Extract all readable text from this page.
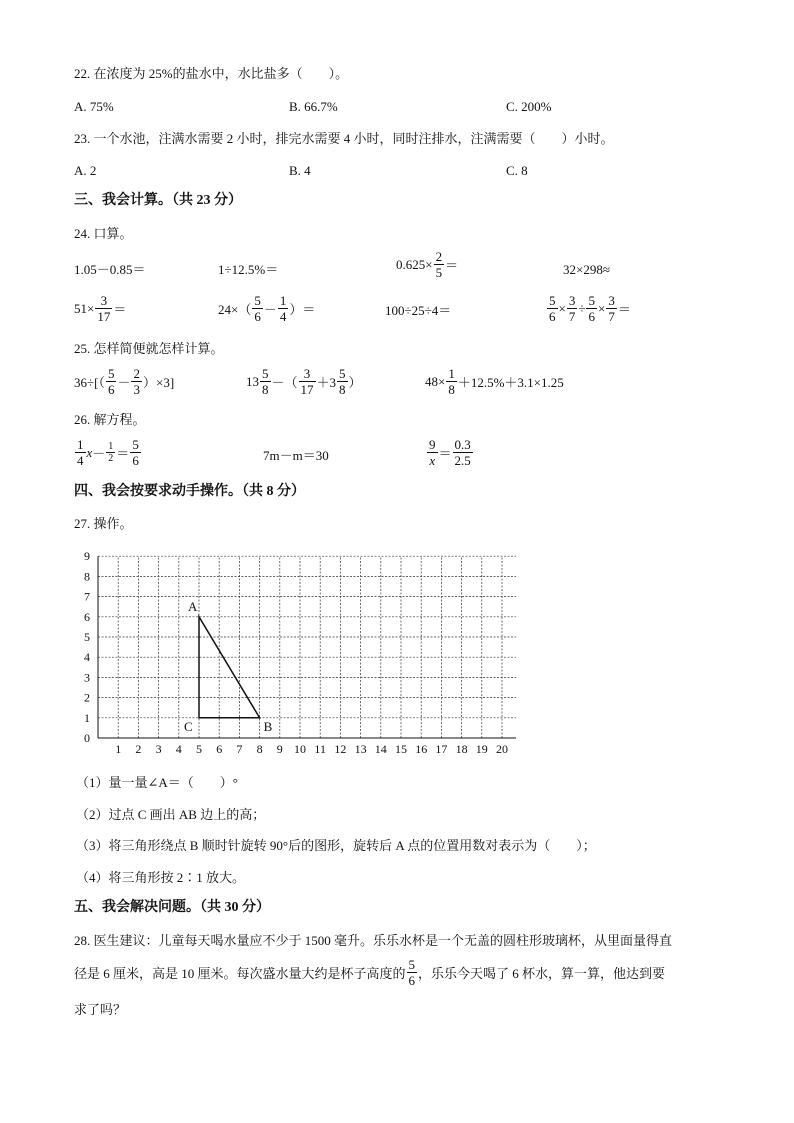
22. 在浓度为 25%的盐水中，水比盐多（　　）。
A. 75%	B. 66.7%	C. 200%
23. 一个水池，注满水需要 2 小时，排完水需要 4 小时，同时注排水，注满需要（　　）小时。
A. 2	B. 4	C. 8
三、我会计算。（共 23 分）
24. 口算。
1.05－0.85＝	1÷12.5%＝	$0.625\times \frac{2}{5}$ ＝	32×298≈
$51\times \frac{3}{17}$ ＝	$24\times( \frac{5}{6} - \frac{1}{4}$ ）＝	100÷25÷4＝	$\frac{5}{6} \times \frac{3}{7} \div \frac{5}{6} \times \frac{3}{7}$ ＝
25. 怎样简便就怎样计算。
$36\div[( \frac{5}{6} - \frac{2}{3} )\times 3]$	$13 \frac{5}{8}$ －（ $\frac{3}{17} +3 \frac{5}{8}$ ）	$48\times \frac{1}{8} +12.5\%+3.1\times 1.25$
26. 解方程。
$\frac{1}{4}$ $x - \frac{1}{2} = \frac{5}{6}$	7m－m＝30	$\frac{9}{x} = \frac{0.3}{2.5}$
四、我会按要求动手操作。（共 8 分）
27. 操作。
1 2 3 4 5 6 7 8 9 10 11 12 13 14 15 16 17 18 19 20
0
1
2
3
4
5
6
7
8
9
A
B
C
（1）量一量∠A＝（　　）°
（2）过点 C 画出 AB 边上的高；
（3）将三角形绕点 B 顺时针旋转 90°后的图形，旋转后 A 点的位置用数对表示为（　　）；
（4）将三角形按 2∶1 放大。
五、我会解决问题。（共 30 分）
28. 医生建议：儿童每天喝水量应不少于 1500 毫升。乐乐水杯是一个无盖的圆柱形玻璃杯，从里面量得直
径是 6 厘米，高是 10 厘米。每次盛水量大约是杯子高度的 $\frac{5}{6}$ ，乐乐今天喝了 6 杯水，算一算，他达到要
求了吗？
